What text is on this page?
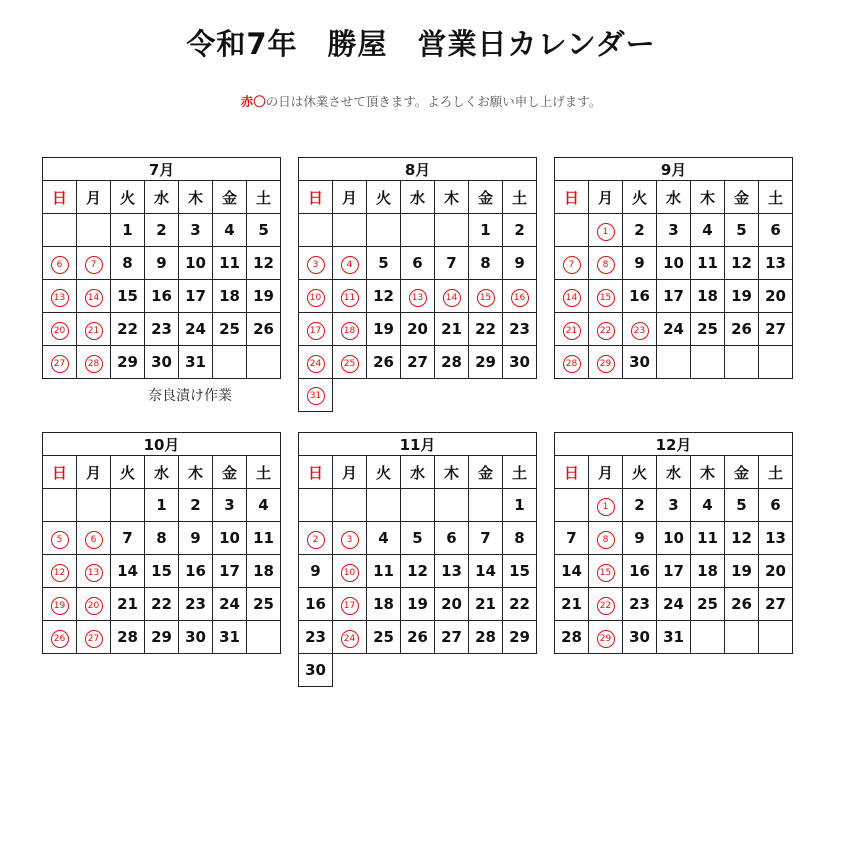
令和7年　勝屋　営業日カレンダー
赤〇の日は休業させて頂きます。よろしくお願い申し上げます。
7月						
日	月	火	水	木	金	土
		1	2	3	4	5
6	7	8	9	10	11	12
13	14	15	16	17	18	19
20	21	22	23	24	25	26
27	28	29	30	31		
奈良漬け作業
8月						
日	月	火	水	木	金	土
					1	2
3	4	5	6	7	8	9
10	11	12	13	14	15	16
17	18	19	20	21	22	23
24	25	26	27	28	29	30
31
9月						
日	月	火	水	木	金	土
	1	2	3	4	5	6
7	8	9	10	11	12	13
14	15	16	17	18	19	20
21	22	23	24	25	26	27
28	29	30				
10月						
日	月	火	水	木	金	土
			1	2	3	4
5	6	7	8	9	10	11
12	13	14	15	16	17	18
19	20	21	22	23	24	25
26	27	28	29	30	31	
11月						
日	月	火	水	木	金	土
						1
2	3	4	5	6	7	8
9	10	11	12	13	14	15
16	17	18	19	20	21	22
23	24	25	26	27	28	29
30
12月						
日	月	火	水	木	金	土
	1	2	3	4	5	6
7	8	9	10	11	12	13
14	15	16	17	18	19	20
21	22	23	24	25	26	27
28	29	30	31			
